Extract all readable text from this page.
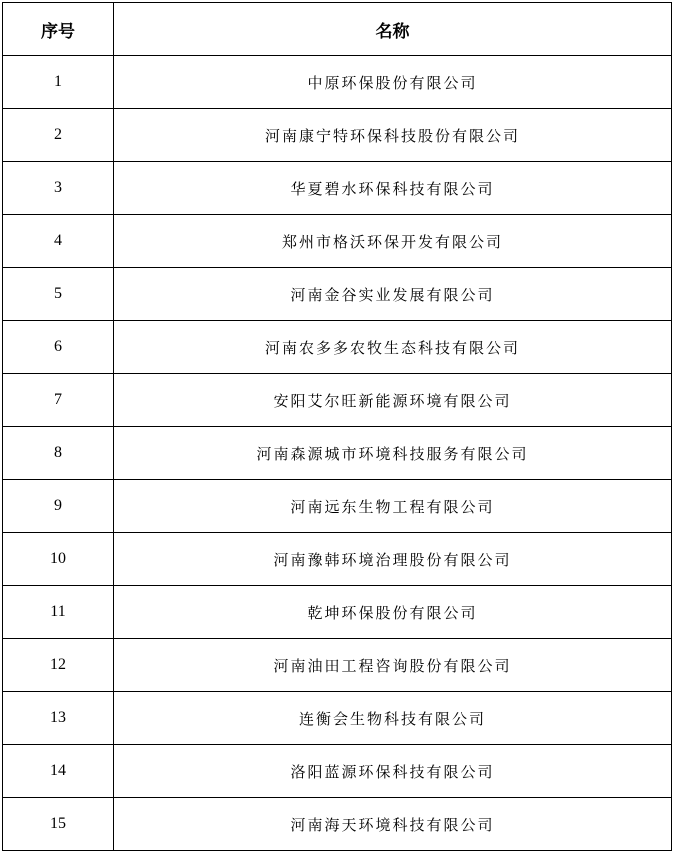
序号	名称
1	中原环保股份有限公司
2	河南康宁特环保科技股份有限公司
3	华夏碧水环保科技有限公司
4	郑州市格沃环保开发有限公司
5	河南金谷实业发展有限公司
6	河南农多多农牧生态科技有限公司
7	安阳艾尔旺新能源环境有限公司
8	河南森源城市环境科技服务有限公司
9	河南远东生物工程有限公司
10	河南豫韩环境治理股份有限公司
11	乾坤环保股份有限公司
12	河南油田工程咨询股份有限公司
13	连衡会生物科技有限公司
14	洛阳蓝源环保科技有限公司
15	河南海天环境科技有限公司
